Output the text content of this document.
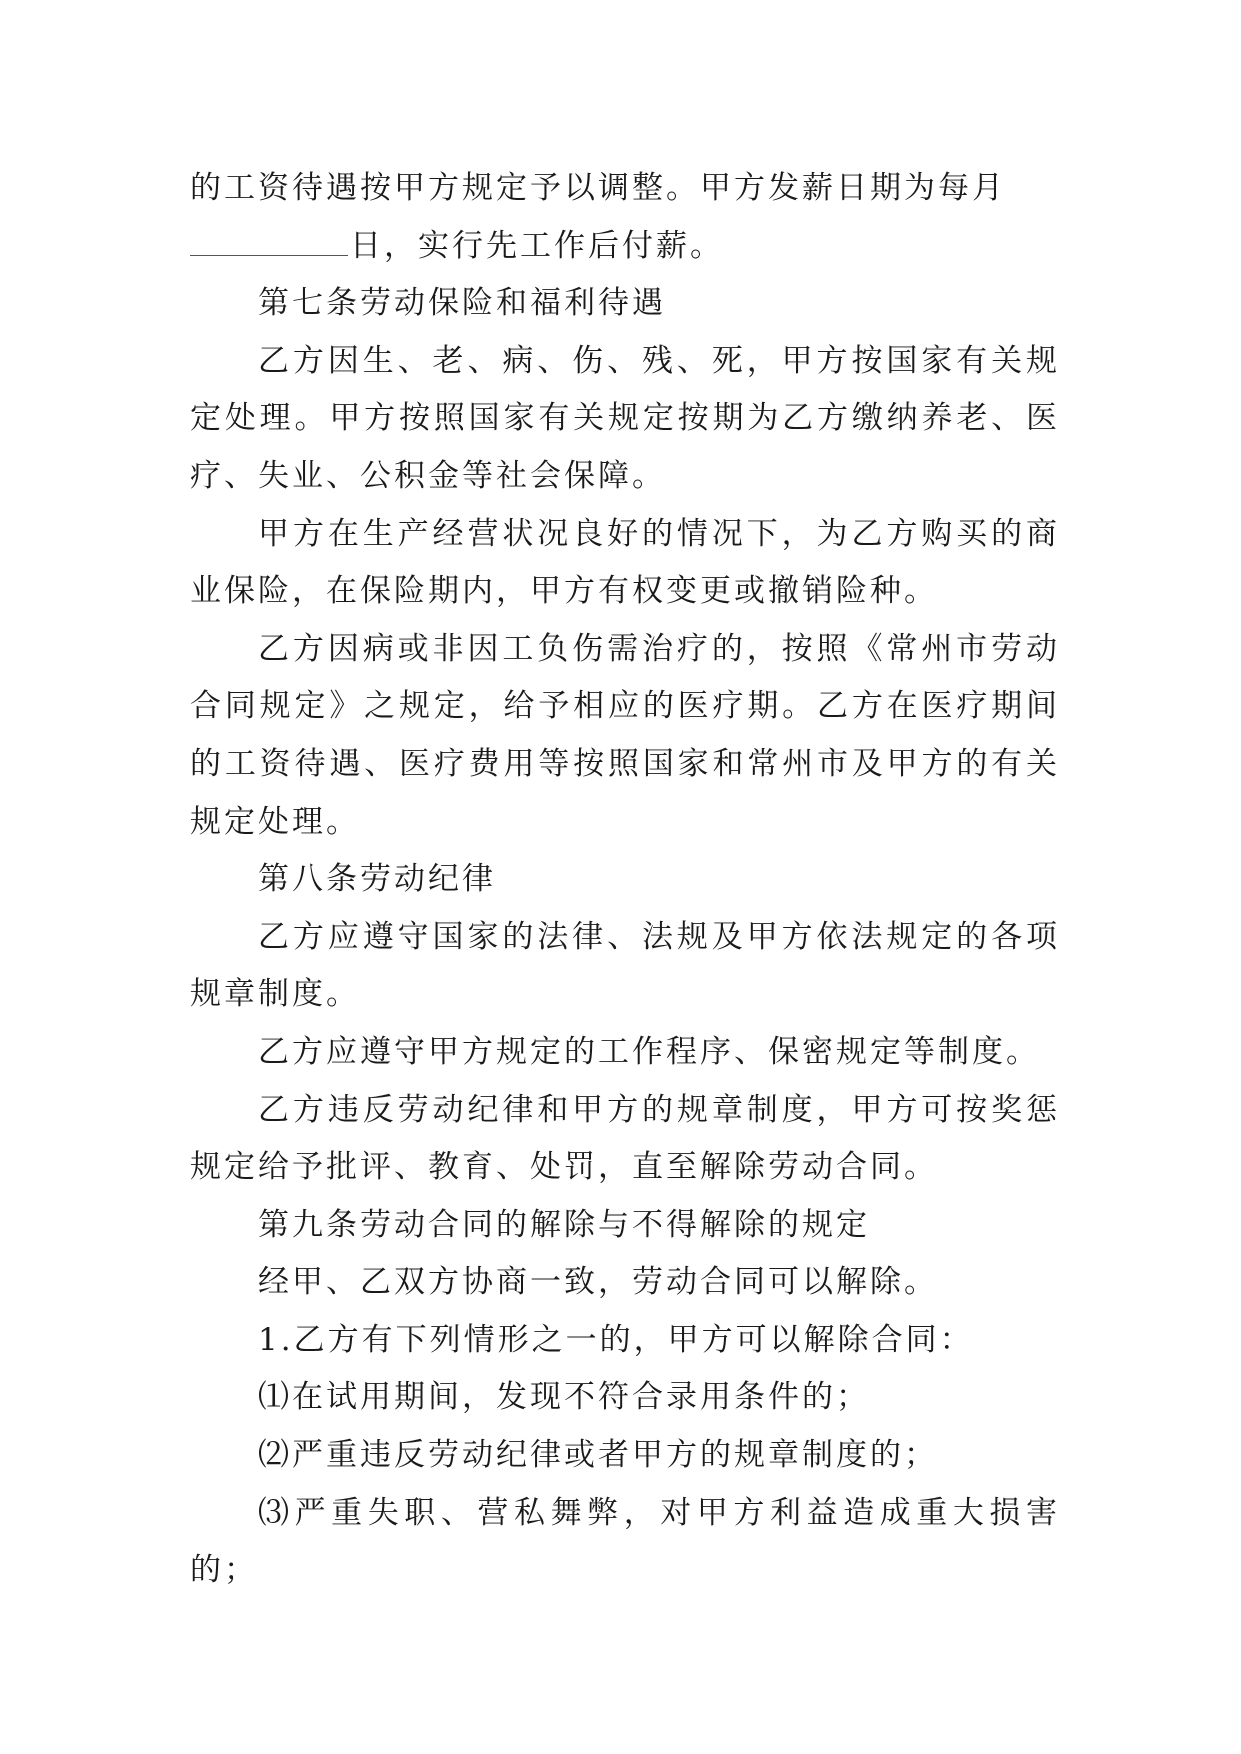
的工资待遇按甲方规定予以调整。甲方发薪日期为每月
日，实行先工作后付薪。

第七条劳动保险和福利待遇

乙方因生、老、病、伤、残、死，甲方按国家有关规定处理。甲方按照国家有关规定按期为乙方缴纳养老、医疗、失业、公积金等社会保障。

甲方在生产经营状况良好的情况下，为乙方购买的商业保险，在保险期内，甲方有权变更或撤销险种。

乙方因病或非因工负伤需治疗的，按照《常州市劳动合同规定》之规定，给予相应的医疗期。乙方在医疗期间的工资待遇、医疗费用等按照国家和常州市及甲方的有关规定处理。

第八条劳动纪律

乙方应遵守国家的法律、法规及甲方依法规定的各项规章制度。

乙方应遵守甲方规定的工作程序、保密规定等制度。

乙方违反劳动纪律和甲方的规章制度，甲方可按奖惩规定给予批评、教育、处罚，直至解除劳动合同。

第九条劳动合同的解除与不得解除的规定

经甲、乙双方协商一致，劳动合同可以解除。

1.乙方有下列情形之一的，甲方可以解除合同：

⑴在试用期间，发现不符合录用条件的；

⑵严重违反劳动纪律或者甲方的规章制度的；

⑶严重失职、营私舞弊，对甲方利益造成重大损害的；
